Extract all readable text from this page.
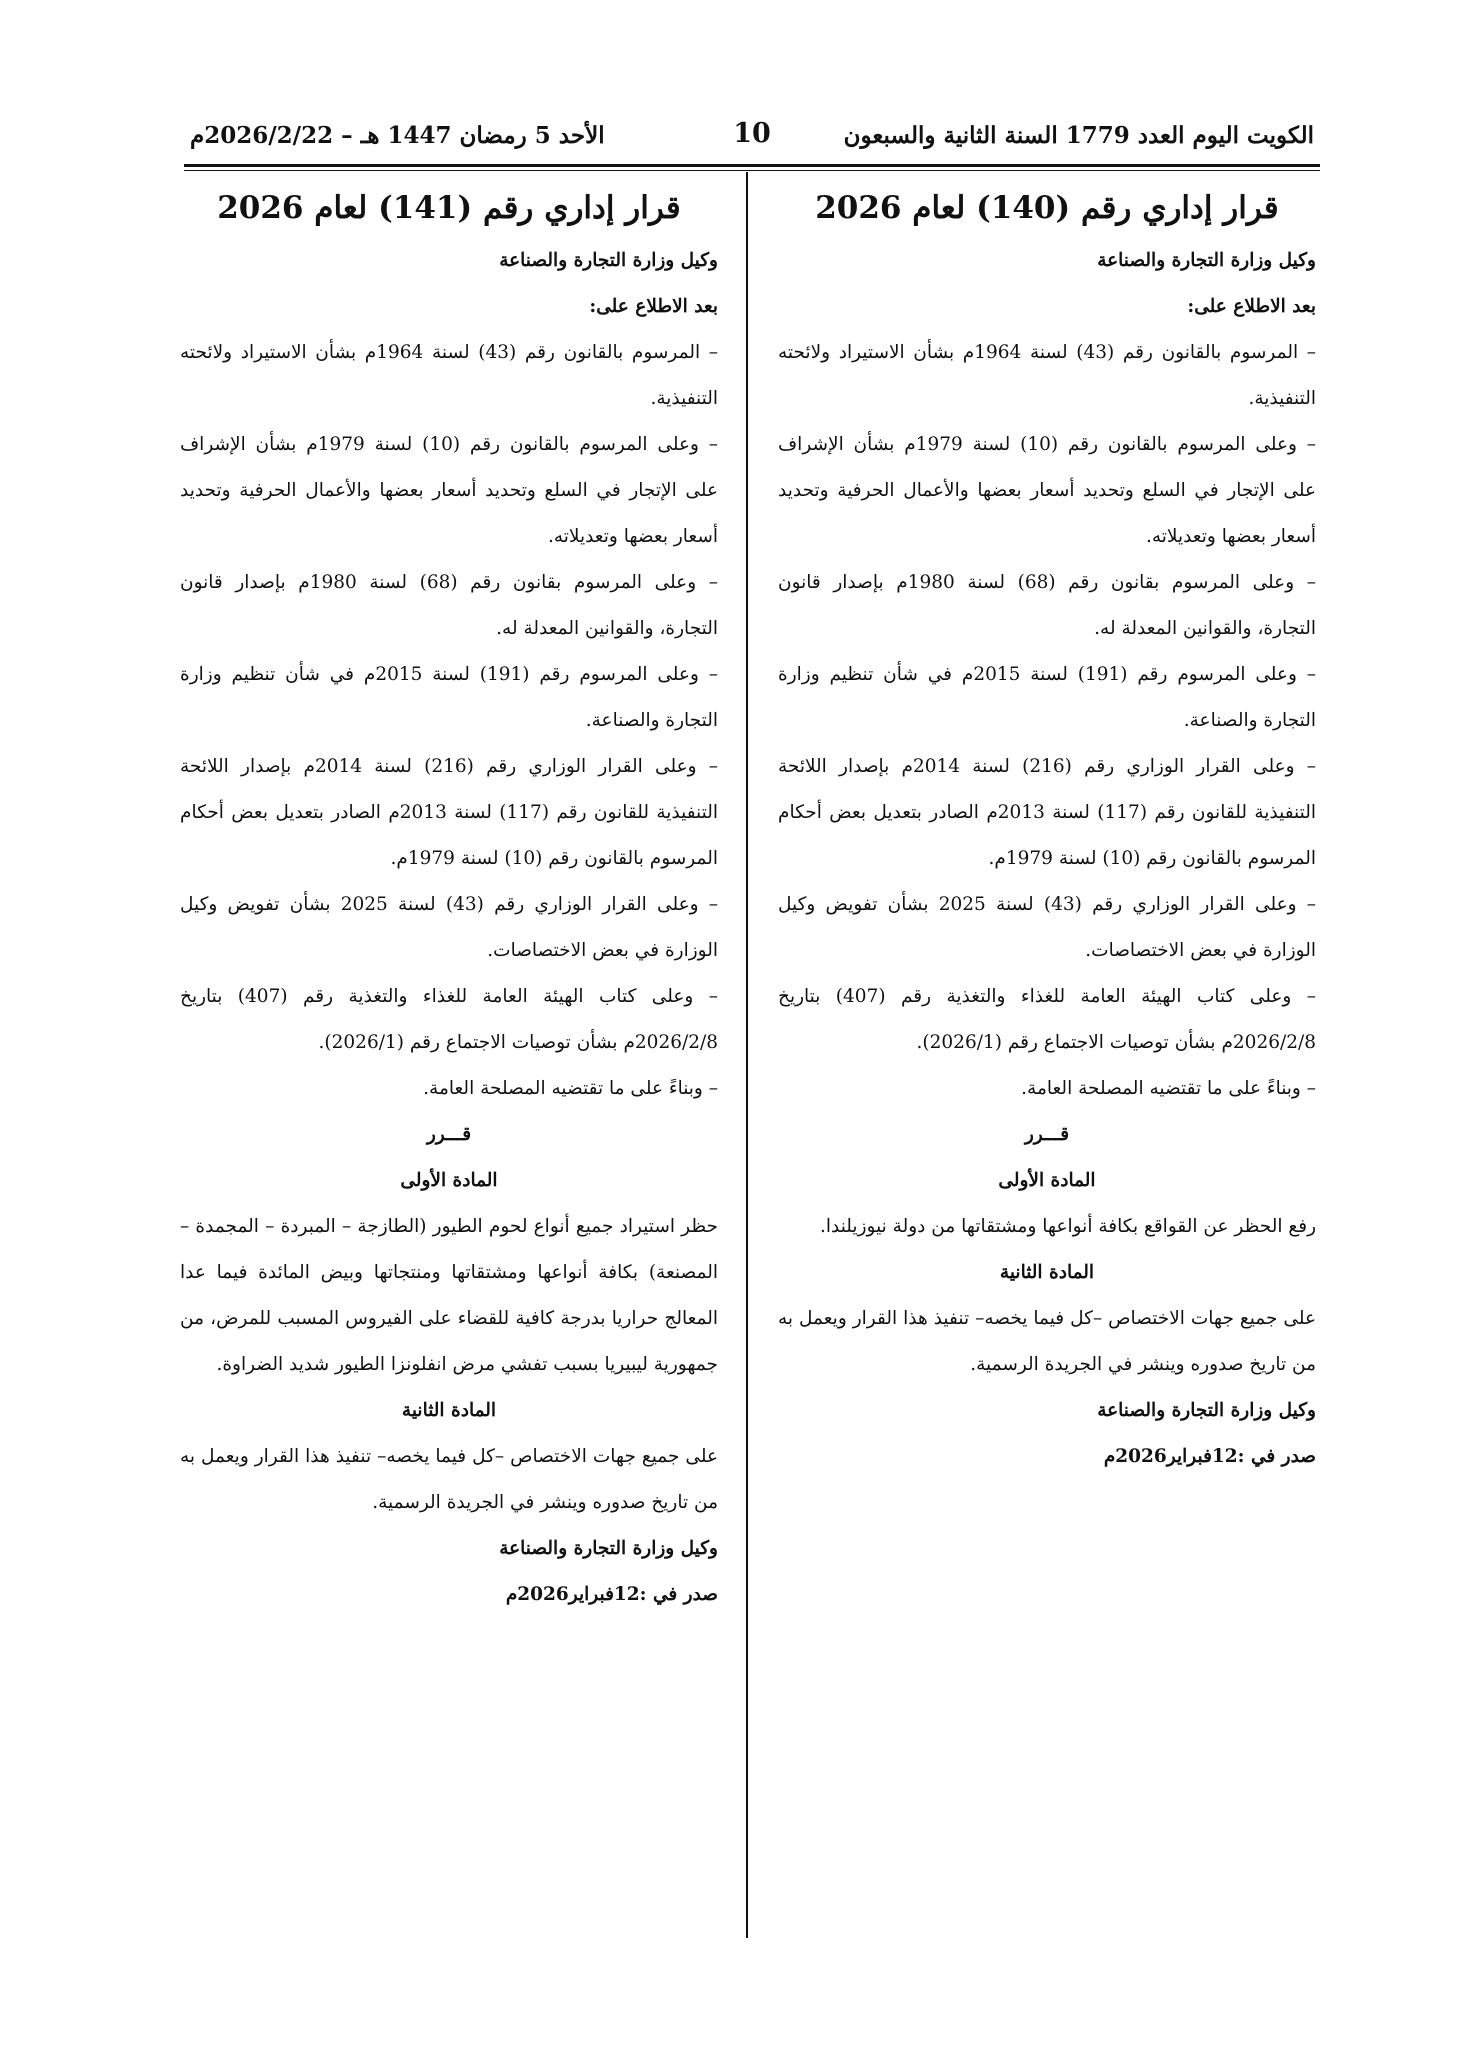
الكويت اليوم العدد 1779 السنة الثانية والسبعون
10
الأحد 5 رمضان 1447 هـ – 2026/2/22م
قرار إداري رقم (140) لعام 2026

وكيل وزارة التجارة والصناعة

بعد الاطلاع على:

– المرسوم بالقانون رقم (43) لسنة 1964م بشأن الاستيراد ولائحته التنفيذية.

– وعلى المرسوم بالقانون رقم (10) لسنة 1979م بشأن الإشراف على الإتجار في السلع وتحديد أسعار بعضها والأعمال الحرفية وتحديد أسعار بعضها وتعديلاته.

– وعلى المرسوم بقانون رقم (68) لسنة 1980م بإصدار قانون التجارة، والقوانين المعدلة له.

– وعلى المرسوم رقم (191) لسنة 2015م في شأن تنظيم وزارة التجارة والصناعة.

– وعلى القرار الوزاري رقم (216) لسنة 2014م بإصدار اللائحة التنفيذية للقانون رقم (117) لسنة 2013م الصادر بتعديل بعض أحكام المرسوم بالقانون رقم (10) لسنة 1979م.

– وعلى القرار الوزاري رقم (43) لسنة 2025 بشأن تفويض وكيل الوزارة في بعض الاختصاصات.

– وعلى كتاب الهيئة العامة للغذاء والتغذية رقم (407) بتاريخ 2026/2/8م بشأن توصيات الاجتماع رقم (2026/1).

– وبناءً على ما تقتضيه المصلحة العامة.

قـــرر

المادة الأولى

رفع الحظر عن القواقع بكافة أنواعها ومشتقاتها من دولة نيوزيلندا.

المادة الثانية

على جميع جهات الاختصاص –كل فيما يخصه– تنفيذ هذا القرار ويعمل به من تاريخ صدوره وينشر في الجريدة الرسمية.

وكيل وزارة التجارة والصناعة

صدر في :12فبراير2026م

قرار إداري رقم (141) لعام 2026

وكيل وزارة التجارة والصناعة

بعد الاطلاع على:

– المرسوم بالقانون رقم (43) لسنة 1964م بشأن الاستيراد ولائحته التنفيذية.

– وعلى المرسوم بالقانون رقم (10) لسنة 1979م بشأن الإشراف على الإتجار في السلع وتحديد أسعار بعضها والأعمال الحرفية وتحديد أسعار بعضها وتعديلاته.

– وعلى المرسوم بقانون رقم (68) لسنة 1980م بإصدار قانون التجارة، والقوانين المعدلة له.

– وعلى المرسوم رقم (191) لسنة 2015م في شأن تنظيم وزارة التجارة والصناعة.

– وعلى القرار الوزاري رقم (216) لسنة 2014م بإصدار اللائحة التنفيذية للقانون رقم (117) لسنة 2013م الصادر بتعديل بعض أحكام المرسوم بالقانون رقم (10) لسنة 1979م.

– وعلى القرار الوزاري رقم (43) لسنة 2025 بشأن تفويض وكيل الوزارة في بعض الاختصاصات.

– وعلى كتاب الهيئة العامة للغذاء والتغذية رقم (407) بتاريخ 2026/2/8م بشأن توصيات الاجتماع رقم (2026/1).

– وبناءً على ما تقتضيه المصلحة العامة.

قـــرر

المادة الأولى

حظر استيراد جميع أنواع لحوم الطيور (الطازجة – المبردة – المجمدة – المصنعة) بكافة أنواعها ومشتقاتها ومنتجاتها وبيض المائدة فيما عدا المعالج حراريا بدرجة كافية للقضاء على الفيروس المسبب للمرض، من جمهورية ليبيريا بسبب تفشي مرض انفلونزا الطيور شديد الضراوة.

المادة الثانية

على جميع جهات الاختصاص –كل فيما يخصه– تنفيذ هذا القرار ويعمل به من تاريخ صدوره وينشر في الجريدة الرسمية.

وكيل وزارة التجارة والصناعة

صدر في :12فبراير2026م
